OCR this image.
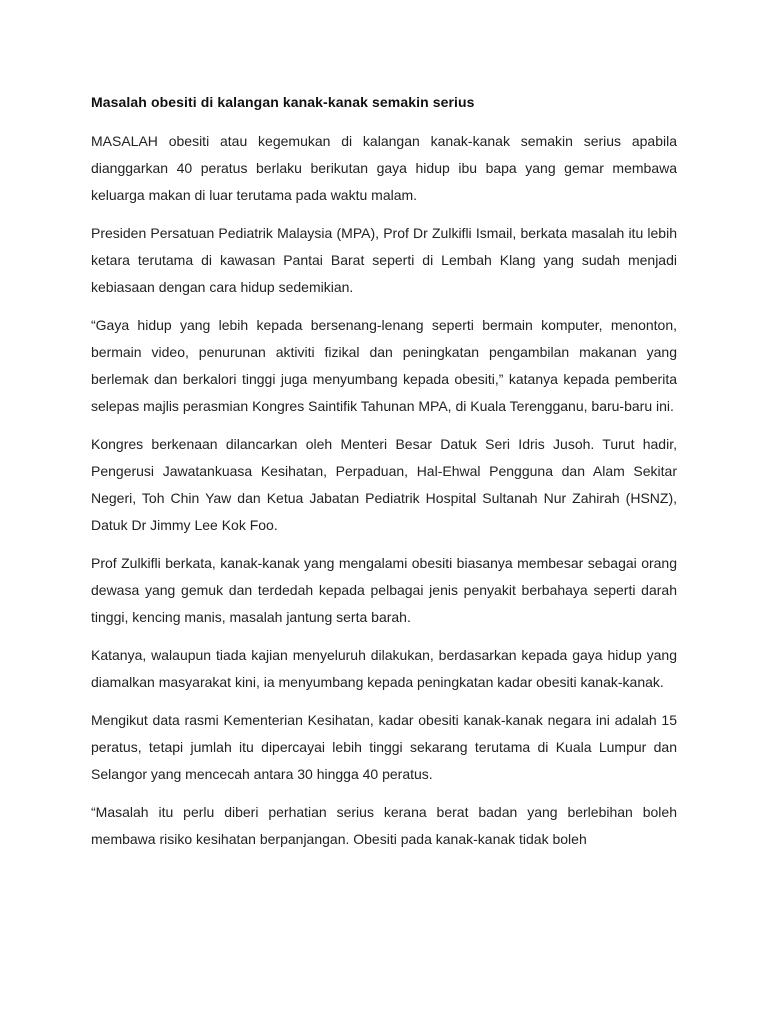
Masalah obesiti di kalangan kanak-kanak semakin serius

MASALAH obesiti atau kegemukan di kalangan kanak-kanak semakin serius apabila dianggarkan 40 peratus berlaku berikutan gaya hidup ibu bapa yang gemar membawa keluarga makan di luar terutama pada waktu malam.

Presiden Persatuan Pediatrik Malaysia (MPA), Prof Dr Zulkifli Ismail, berkata masalah itu lebih ketara terutama di kawasan Pantai Barat seperti di Lembah Klang yang sudah menjadi kebiasaan dengan cara hidup sedemikian.

“Gaya hidup yang lebih kepada bersenang-lenang seperti bermain komputer, menonton, bermain video, penurunan aktiviti fizikal dan peningkatan pengambilan makanan yang berlemak dan berkalori tinggi juga menyumbang kepada obesiti,” katanya kepada pemberita selepas majlis perasmian Kongres Saintifik Tahunan MPA, di Kuala Terengganu, baru-baru ini.

Kongres berkenaan dilancarkan oleh Menteri Besar Datuk Seri Idris Jusoh. Turut hadir, Pengerusi Jawatankuasa Kesihatan, Perpaduan, Hal-Ehwal Pengguna dan Alam Sekitar Negeri, Toh Chin Yaw dan Ketua Jabatan Pediatrik Hospital Sultanah Nur Zahirah (HSNZ), Datuk Dr Jimmy Lee Kok Foo.

Prof Zulkifli berkata, kanak-kanak yang mengalami obesiti biasanya membesar sebagai orang dewasa yang gemuk dan terdedah kepada pelbagai jenis penyakit berbahaya seperti darah tinggi, kencing manis, masalah jantung serta barah.

Katanya, walaupun tiada kajian menyeluruh dilakukan, berdasarkan kepada gaya hidup yang diamalkan masyarakat kini, ia menyumbang kepada peningkatan kadar obesiti kanak-kanak.

Mengikut data rasmi Kementerian Kesihatan, kadar obesiti kanak-kanak negara ini adalah 15 peratus, tetapi jumlah itu dipercayai lebih tinggi sekarang terutama di Kuala Lumpur dan Selangor yang mencecah antara 30 hingga 40 peratus.

“Masalah itu perlu diberi perhatian serius kerana berat badan yang berlebihan boleh membawa risiko kesihatan berpanjangan. Obesiti pada kanak-kanak tidak boleh
